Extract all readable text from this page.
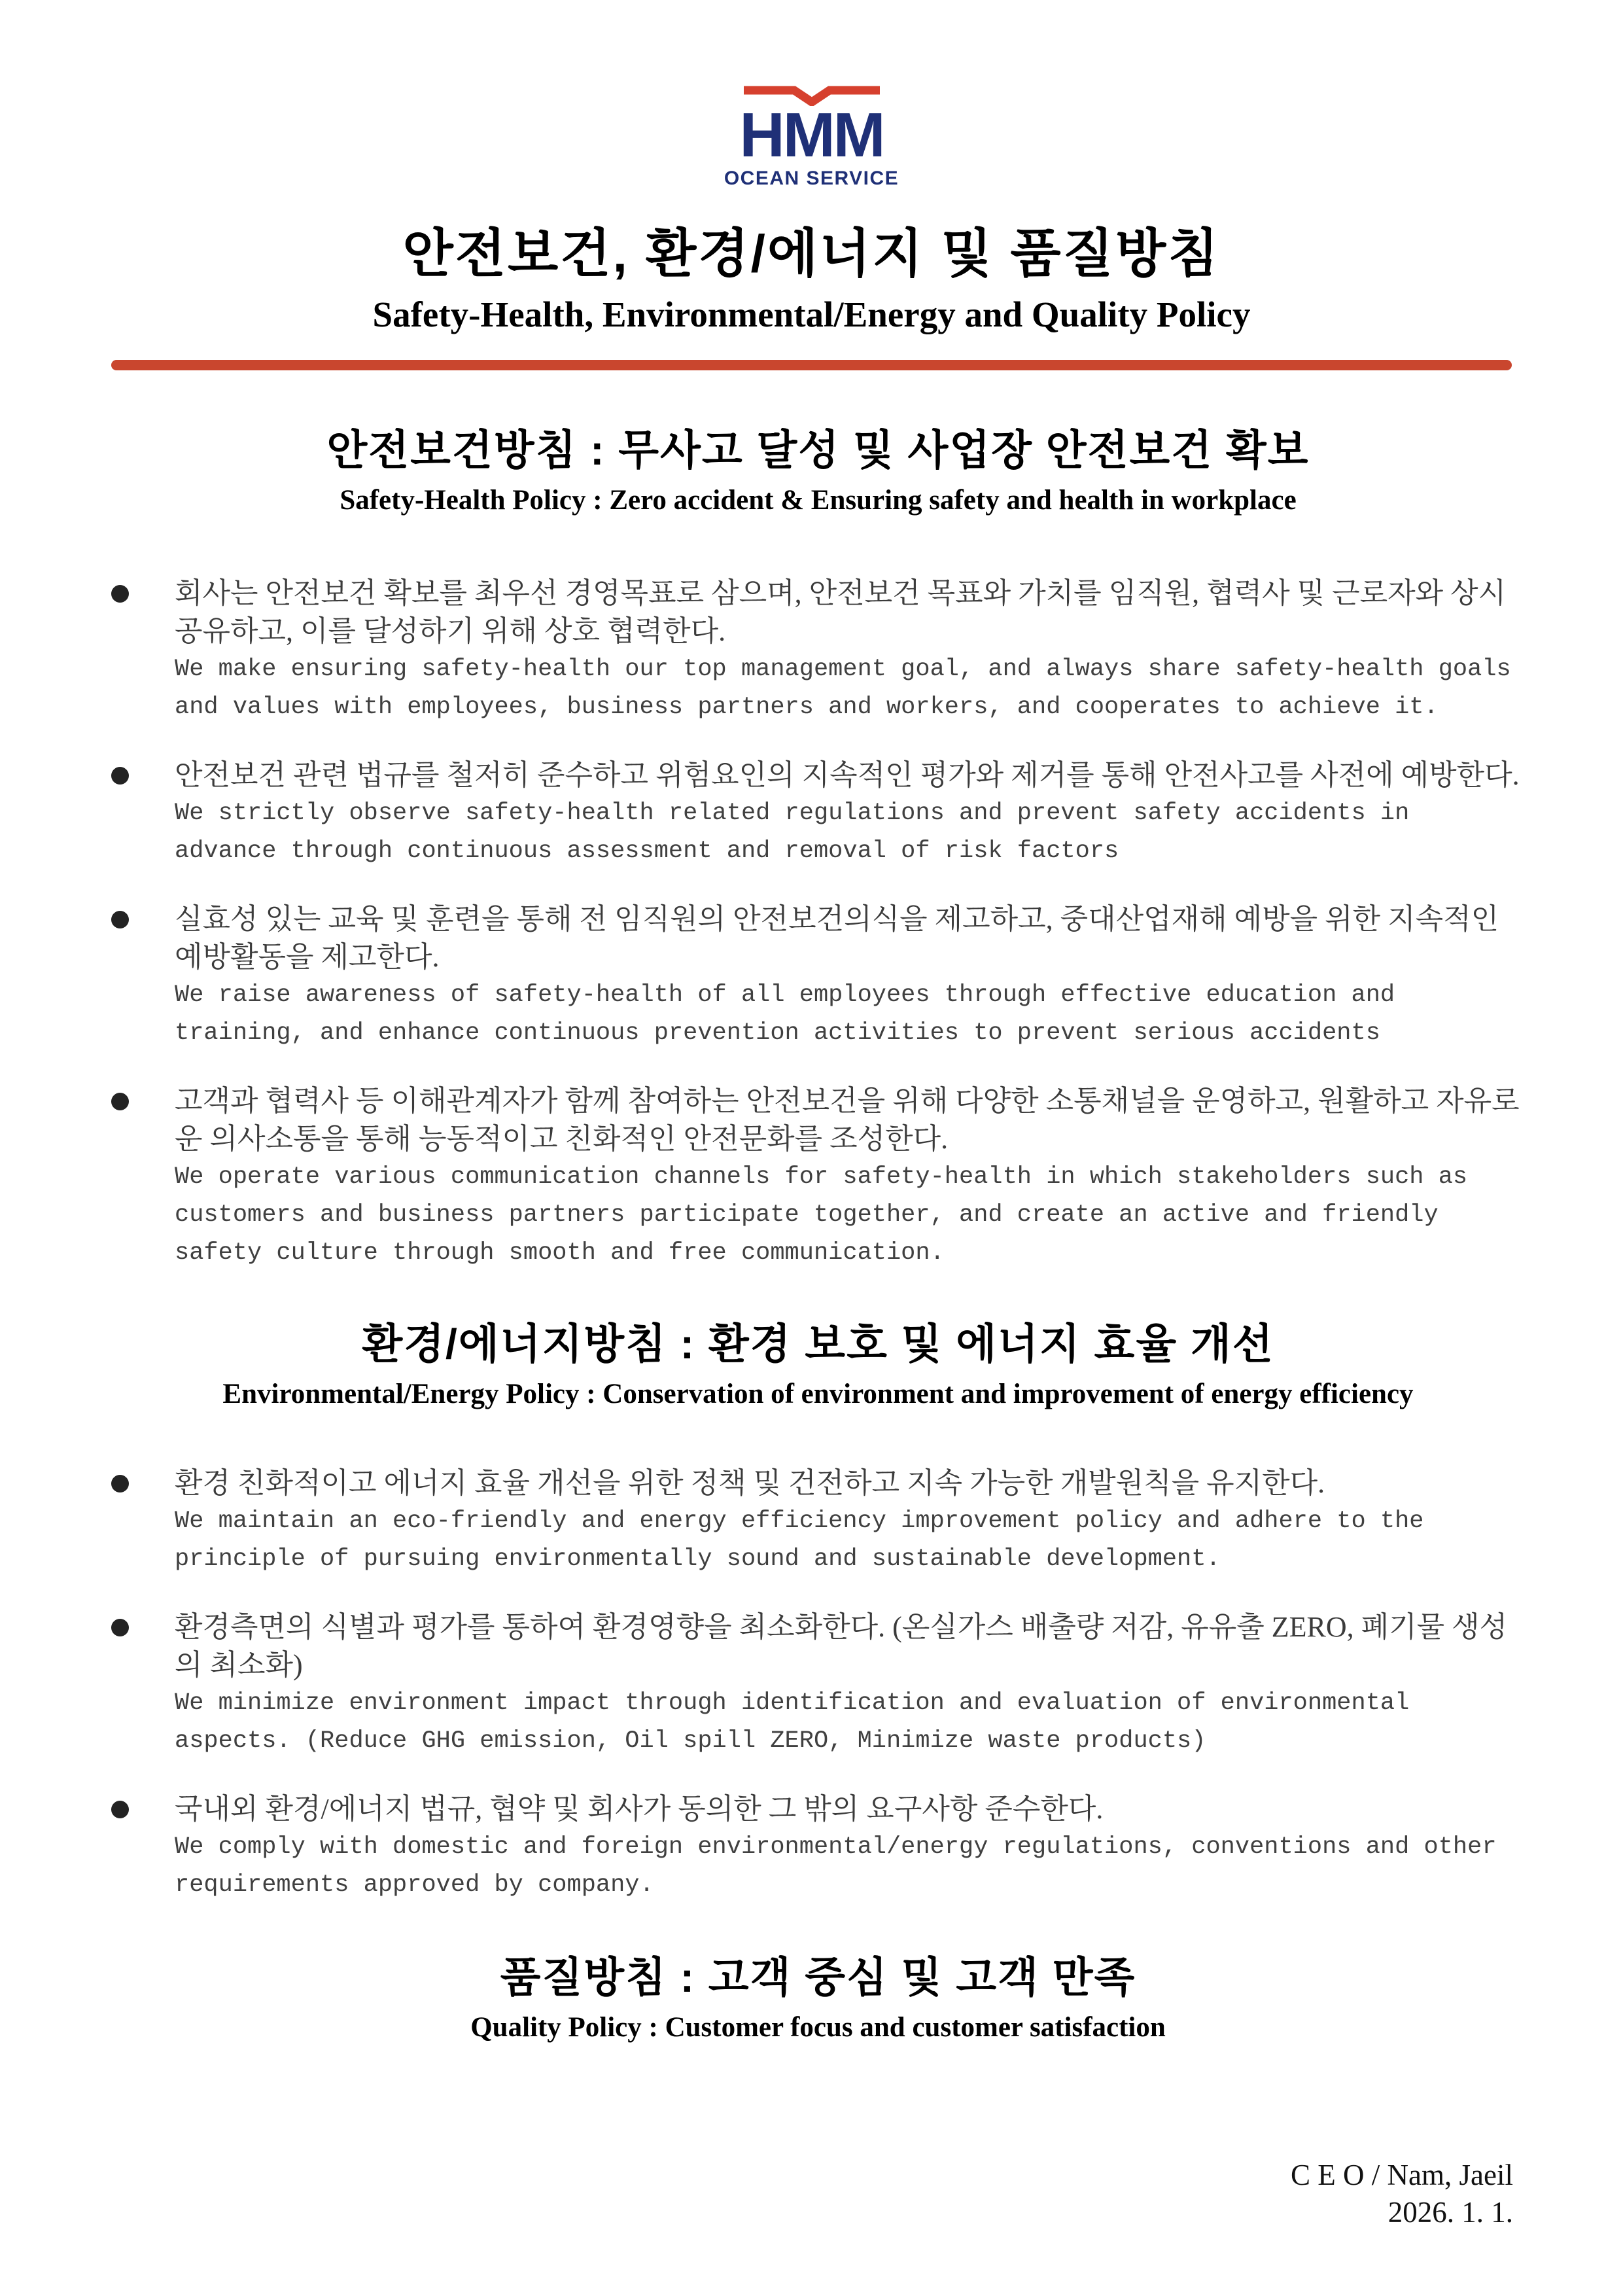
HMM
OCEAN SERVICE
안전보건, 환경/에너지 및 품질방침
Safety-Health, Environmental/Energy and Quality Policy
안전보건방침 : 무사고 달성 및 사업장 안전보건 확보
Safety-Health Policy : Zero accident & Ensuring safety and health in workplace
회사는 안전보건 확보를 최우선 경영목표로 삼으며, 안전보건 목표와 가치를 임직원, 협력사 및 근로자와 상시 공유하고, 이를 달성하기 위해 상호 협력한다.
We make ensuring safety-health our top management goal, and always share safety-health goals and values with employees, business partners and workers, and cooperates to achieve it.
안전보건 관련 법규를 철저히 준수하고 위험요인의 지속적인 평가와 제거를 통해 안전사고를 사전에 예방한다.
We strictly observe safety-health related regulations and prevent safety accidents in advance through continuous assessment and removal of risk factors
실효성 있는 교육 및 훈련을 통해 전 임직원의 안전보건의식을 제고하고, 중대산업재해 예방을 위한 지속적인 예방활동을 제고한다.
We raise awareness of safety-health of all employees through effective education and training, and enhance continuous prevention activities to prevent serious accidents
고객과 협력사 등 이해관계자가 함께 참여하는 안전보건을 위해 다양한 소통채널을 운영하고, 원활하고 자유로운 의사소통을 통해 능동적이고 친화적인 안전문화를 조성한다.
We operate various communication channels for safety-health in which stakeholders such as customers and business partners participate together, and create an active and friendly safety culture through smooth and free communication.
환경/에너지방침 : 환경 보호 및 에너지 효율 개선
Environmental/Energy Policy : Conservation of environment and improvement of energy efficiency
환경 친화적이고 에너지 효율 개선을 위한 정책 및 건전하고 지속 가능한 개발원칙을 유지한다.
We maintain an eco-friendly and energy efficiency improvement policy and adhere to the principle of pursuing environmentally sound and sustainable development.
환경측면의 식별과 평가를 통하여 환경영향을 최소화한다. (온실가스 배출량 저감, 유유출 ZERO, 폐기물 생성의 최소화)
We minimize environment impact through identification and evaluation of environmental aspects. (Reduce GHG emission, Oil spill ZERO, Minimize waste products)
국내외 환경/에너지 법규, 협약 및 회사가 동의한 그 밖의 요구사항 준수한다.
We comply with domestic and foreign environmental/energy regulations, conventions and other requirements approved by company.
품질방침 : 고객 중심 및 고객 만족
Quality Policy : Customer focus and customer satisfaction
C E O / Nam, Jaeil
2026. 1. 1.
